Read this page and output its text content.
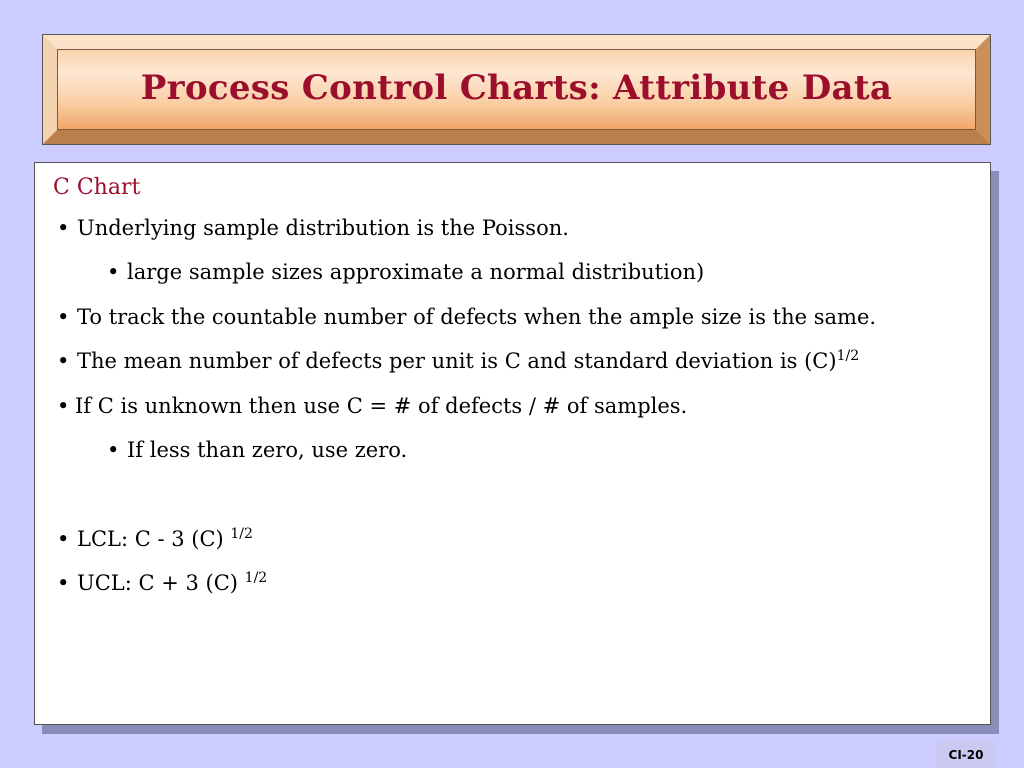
Process Control Charts: Attribute Data
C Chart
• Underlying sample distribution is the Poisson.
• large sample sizes approximate a normal distribution)
• To track the countable number of defects when the ample size is the same.
• The mean number of defects per unit is C and standard deviation is $(C)^{1/2}$
• If C is unknown then use C = # of defects / # of samples.
• If less than zero, use zero.
• LCL: C - 3 (C) $^{1/2}$
• UCL: C + 3 (C) $^{1/2}$
CI-20
